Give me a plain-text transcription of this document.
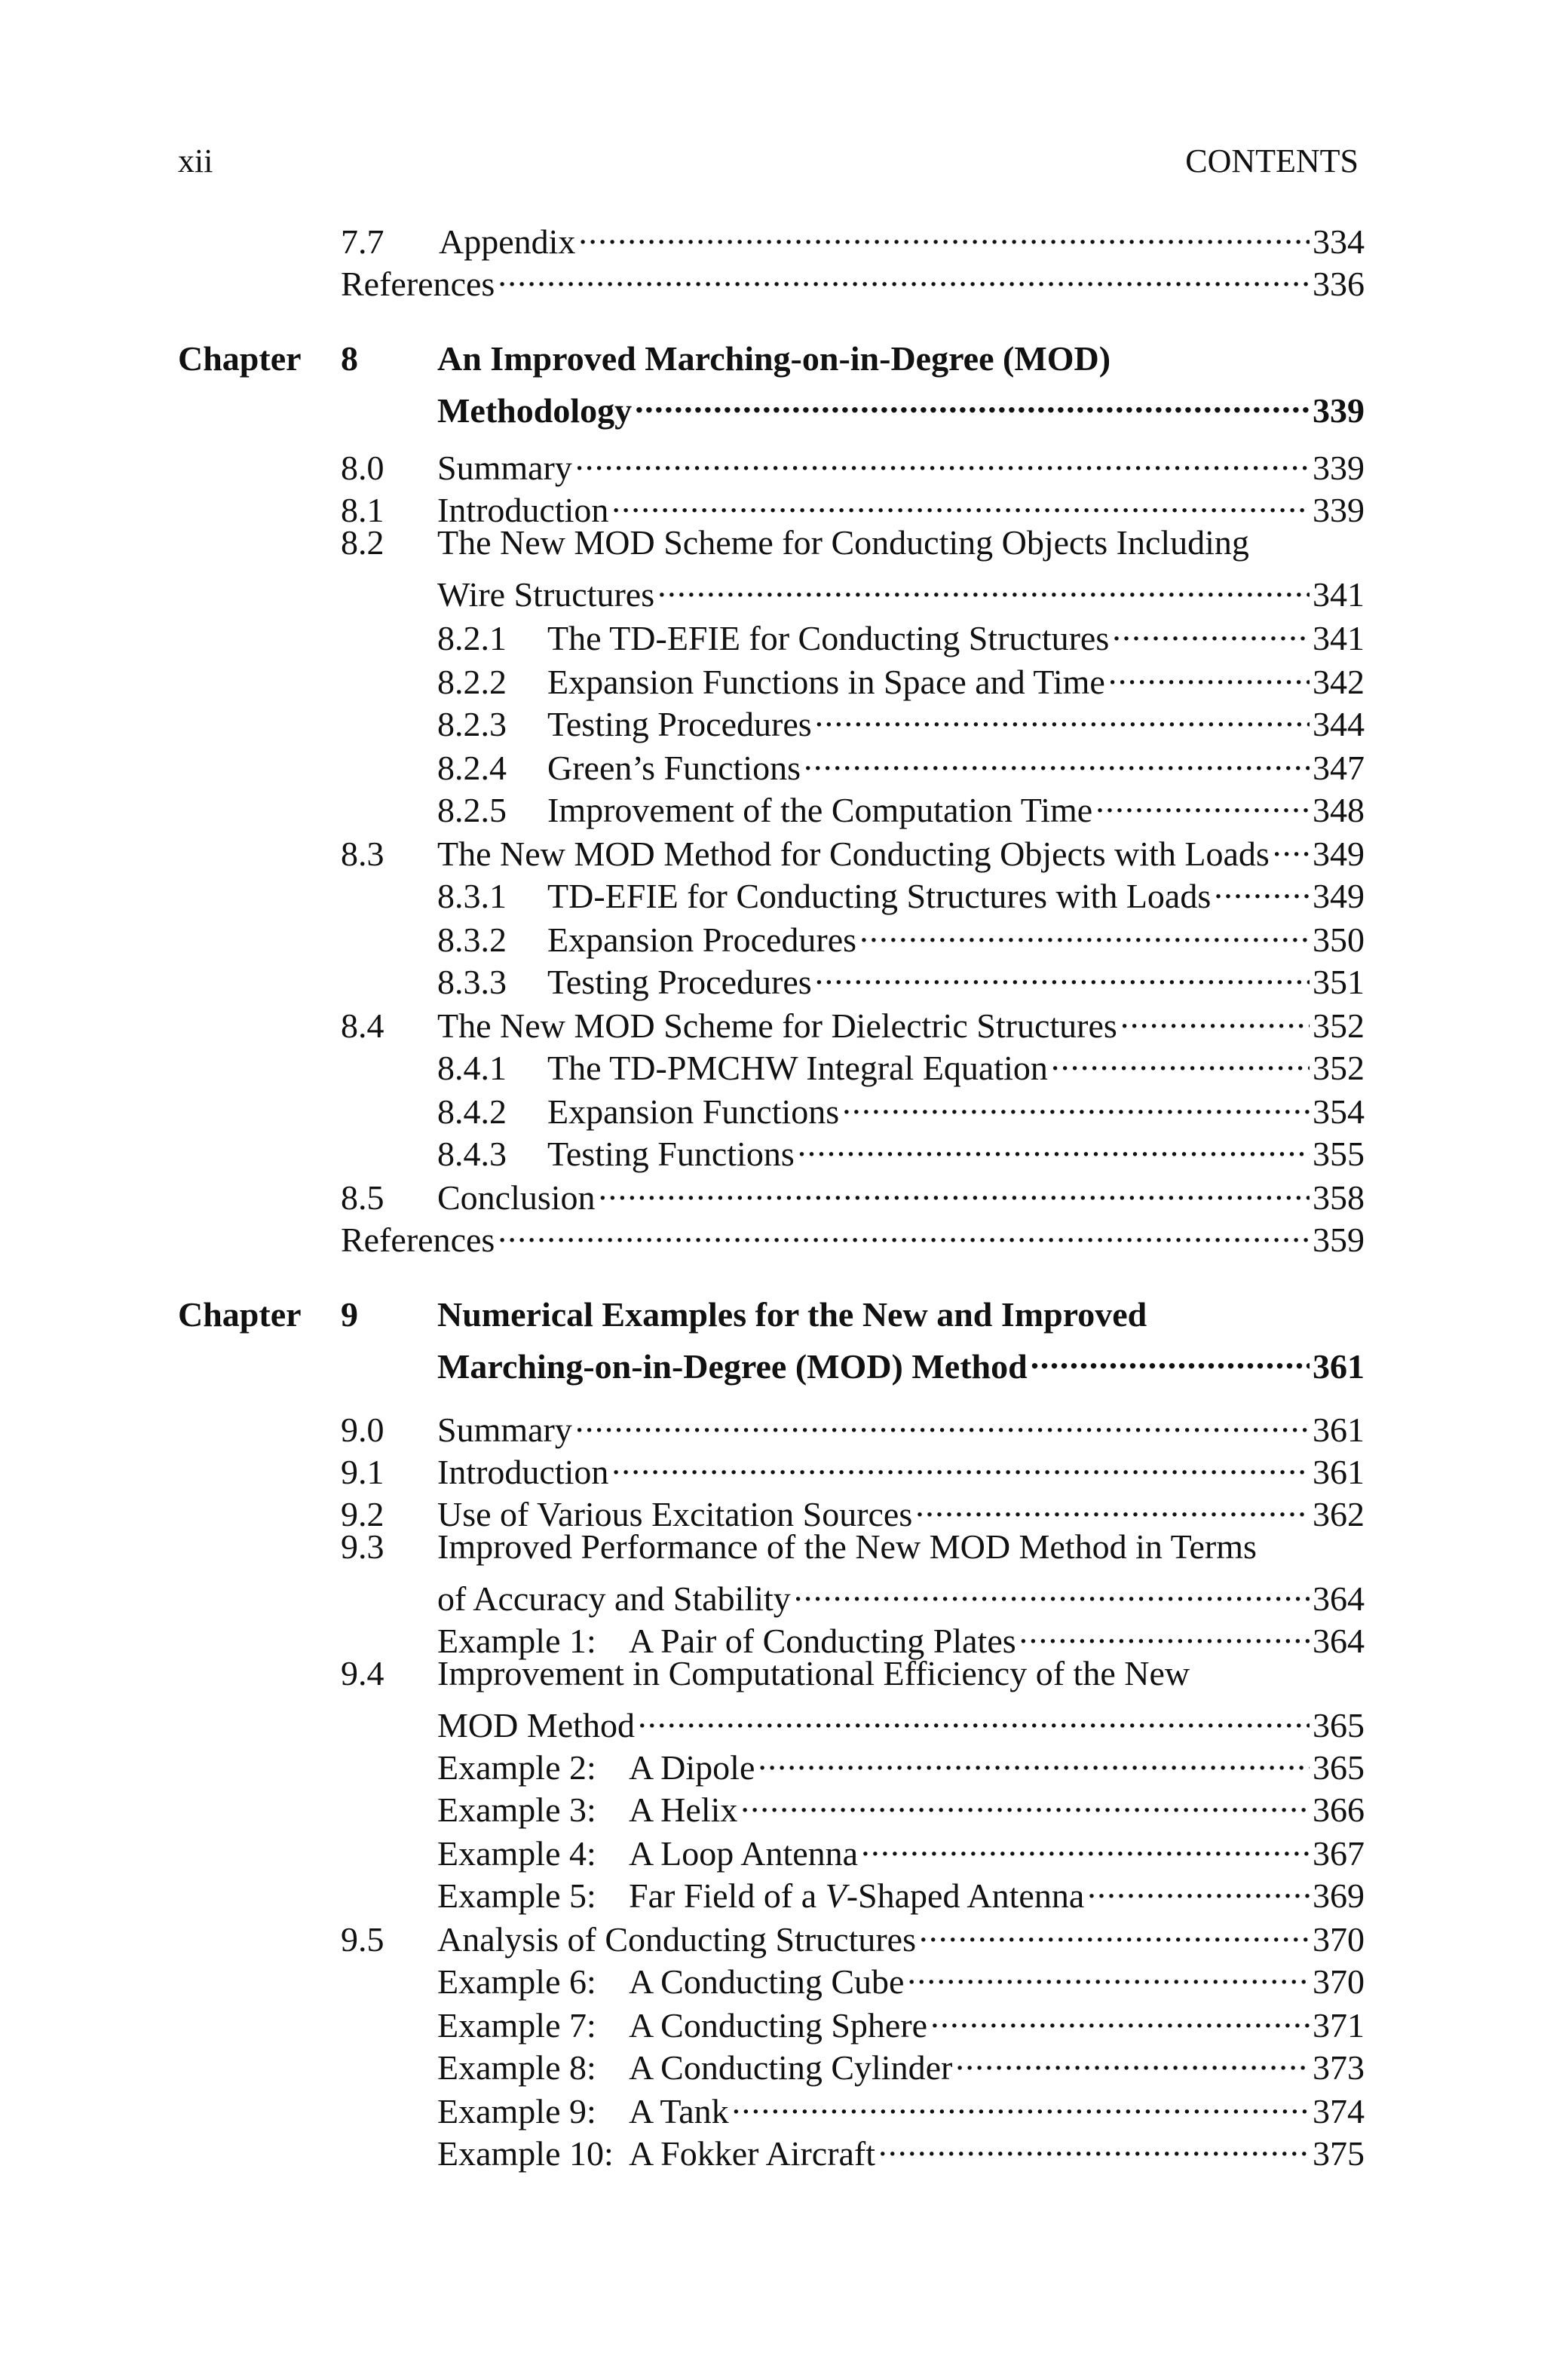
xii	CONTENTS
7.7	Appendix . . .	334
References . . .	336
Chapter 8 An Improved Marching-on-in-Degree (MOD)
Methodology . . .	339
8.0	Summary . . .	339
8.1	Introduction . . .	339
8.2 The New MOD Scheme for Conducting Objects Including
Wire Structures . . .	341
8.2.1	The TD-EFIE for Conducting Structures . . .	341
8.2.2	Expansion Functions in Space and Time . . .	342
8.2.3	Testing Procedures . . .	344
8.2.4	Green’s Functions . . .	347
8.2.5	Improvement of the Computation Time . . .	348
8.3	The New MOD Method for Conducting Objects with Loads . . . 349
8.3.1	TD-EFIE for Conducting Structures with Loads . . .	349
8.3.2	Expansion Procedures . . .	350
8.3.3	Testing Procedures . . .	351
8.4	The New MOD Scheme for Dielectric Structures . . .	352
8.4.1	The TD-PMCHW Integral Equation . . .	352
8.4.2	Expansion Functions . . .	354
8.4.3	Testing Functions . . .	355
8.5	Conclusion . . .	358
References . . .	359
Chapter 9 Numerical Examples for the New and Improved
Marching-on-in-Degree (MOD) Method . . .	361
9.0	Summary . . .	361
9.1	Introduction . . .	361
9.2	Use of Various Excitation Sources . . .	362
9.3 Improved Performance of the New MOD Method in Terms
of Accuracy and Stability . . .	364
Example 1: A Pair of Conducting Plates . . .	364
9.4 Improvement in Computational Efficiency of the New
MOD Method . . .	365
Example 2: A Dipole . . .	365
Example 3: A Helix . . .	366
Example 4: A Loop Antenna . . .	367
Example 5: Far Field of a V-Shaped Antenna . . .	369
9.5	Analysis of Conducting Structures . . .	370
Example 6: A Conducting Cube . . .	370
Example 7: A Conducting Sphere . . .	371
Example 8: A Conducting Cylinder . . .	373
Example 9: A Tank . . .	374
Example 10: A Fokker Aircraft . . .	375
